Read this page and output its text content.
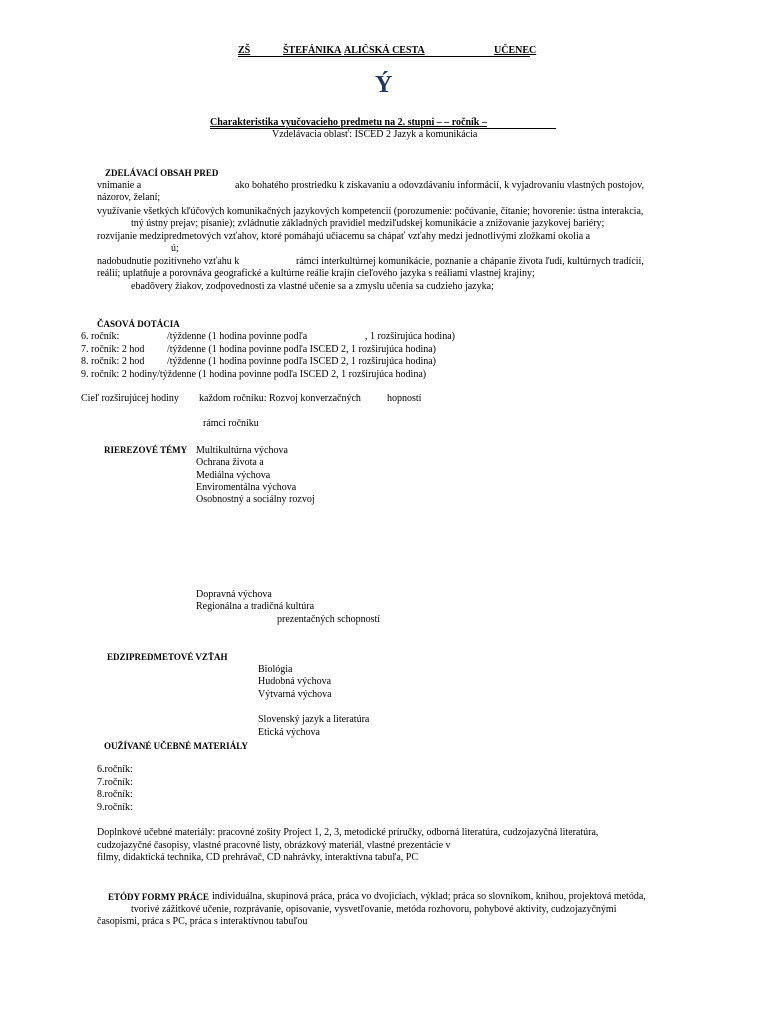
ZŠ	ŠTEFÁNIKA ALIČSKÁ CESTA	UČENEC
Ý
Charakteristika vyučovacieho predmetu na 2. stupni – – ročník –
Vzdelávacia oblasť: ISCED 2 Jazyk a komunikácia
ZDELÁVACÍ OBSAH PRED
vnímanie a	ako bohatého prostriedku k získavaniu a odovzdávaniu informácií, k vyjadrovaniu vlastných postojov,
názorov, želaní;
využívanie všetkých kľúčových komunikačných jazykových kompetencií (porozumenie: počúvanie, čítanie; hovorenie: ústna interakcia,
tný ústny prejav; písanie); zvládnutie základných pravidiel medziľudskej komunikácie a znižovanie jazykovej bariéry;
rozvíjanie medzipredmetových vzťahov, ktoré pomáhajú učiacemu sa chápať vzťahy medzi jednotlivými zložkami okolia a
ú;
nadobudnutie pozitívneho vzťahu k	rámci interkultúrnej komunikácie, poznanie a chápanie života ľudí, kultúrnych tradícií,
reálií; uplatňuje a porovnáva geografické a kultúrne reálie krajín cieľového jazyka s reáliami vlastnej krajiny;
ebadôvery žiakov, zodpovednosti za vlastné učenie sa a zmyslu učenia sa cudzieho jazyka;
ČASOVÁ DOTÁCIA
6. ročník:	/týždenne (1 hodina povinne podľa	, 1 rozširujúca hodina)
7. ročník: 2 hod /týždenne (1 hodina povinne podľa ISCED 2, 1 rozširujúca hodina)
8. ročník: 2 hod /týždenne (1 hodina povinne podľa ISCED 2, 1 rozširujúca hodina)
9. ročník: 2 hodiny/týždenne (1 hodina povinne podľa ISCED 2, 1 rozširujúca hodina)
Cieľ rozširujúcej hodiny každom ročníku: Rozvoj konverzačných	hopností
rámci ročníku
RIEREZOVÉ TÉMY Multikultúrna výchova
Ochrana života a
Mediálna výchova
Enviromentálna výchova
Osobnostný a sociálny rozvoj
Dopravná výchova
Regionálna a tradičná kultúra
prezentačných schopností
EDZIPREDMETOVÉ VZŤAH
Biológia
Hudobná výchova
Výtvarná výchova
Slovenský jazyk a literatúra
Etická výchova
OUŽÍVANÉ UČEBNÉ MATERIÁLY
6.ročník:
7.ročník:
8.ročník:
9.ročník:
Doplnkové učebné materiály: pracovné zošity Project 1, 2, 3, metodické príručky, odborná literatúra, cudzojazyčná literatúra,
cudzojazyčné časopisy, vlastné pracovné listy, obrázkový materiál, vlastné prezentácie v
filmy, didaktická technika, CD prehrávač, CD nahrávky, interaktívna tabuľa, PC
ETÓDY FORMY PRÁCE individuálna, skupinová práca, práca vo dvojiciach, výklad; práca so slovníkom, knihou, projektová metóda,
tvorivé zážitkové učenie, rozprávanie, opisovanie, vysvetľovanie, metóda rozhovoru, pohybové aktivity, cudzojazyčnými
časopismi, práca s PC, práca s interaktívnou tabuľou
